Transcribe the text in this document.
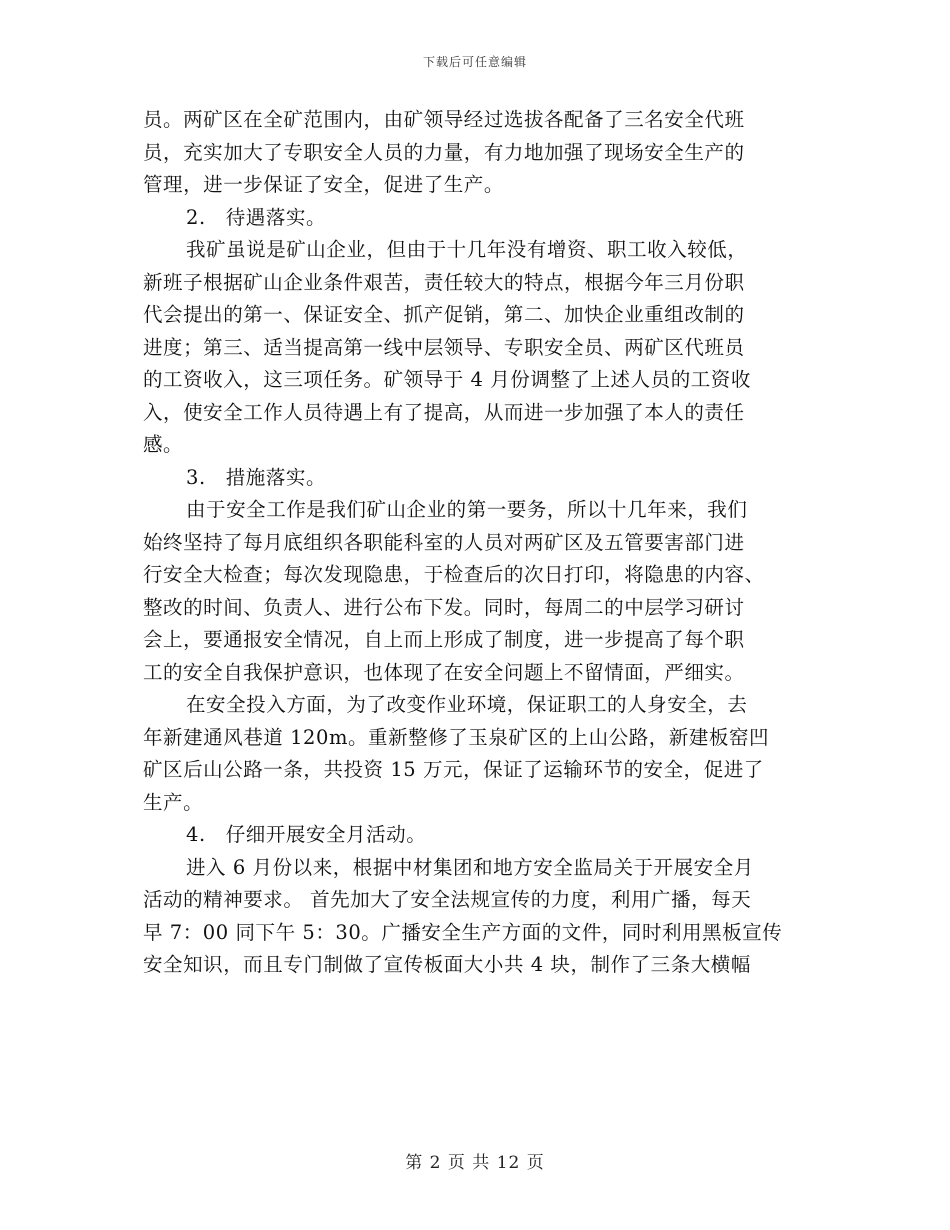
下载后可任意编辑
员。两矿区在全矿范围内，由矿领导经过选拔各配备了三名安全代班
员，充实加大了专职安全人员的力量，有力地加强了现场安全生产的
管理，进一步保证了安全，促进了生产。
2.　待遇落实。
我矿虽说是矿山企业，但由于十几年没有增资、职工收入较低，
新班子根据矿山企业条件艰苦，责任较大的特点，根据今年三月份职
代会提出的第一、保证安全、抓产促销，第二、加快企业重组改制的
进度；第三、适当提高第一线中层领导、专职安全员、两矿区代班员
的工资收入，这三项任务。矿领导于 4 月份调整了上述人员的工资收
入，使安全工作人员待遇上有了提高，从而进一步加强了本人的责任
感。
3.　措施落实。
由于安全工作是我们矿山企业的第一要务，所以十几年来，我们
始终坚持了每月底组织各职能科室的人员对两矿区及五管要害部门进
行安全大检查；每次发现隐患，于检查后的次日打印，将隐患的内容、
整改的时间、负责人、进行公布下发。同时，每周二的中层学习研讨
会上，要通报安全情况，自上而上形成了制度，进一步提高了每个职
工的安全自我保护意识，也体现了在安全问题上不留情面，严细实。
在安全投入方面，为了改变作业环境，保证职工的人身安全，去
年新建通风巷道 120m。重新整修了玉泉矿区的上山公路，新建板窑凹
矿区后山公路一条，共投资 15 万元，保证了运输环节的安全，促进了
生产。
4.　仔细开展安全月活动。
进入 6 月份以来，根据中材集团和地方安全监局关于开展安全月
活动的精神要求。 首先加大了安全法规宣传的力度，利用广播，每天
早 7：00 同下午 5：30。广播安全生产方面的文件，同时利用黑板宣传
安全知识，而且专门制做了宣传板面大小共 4 块，制作了三条大横幅
第 2 页 共 12 页
